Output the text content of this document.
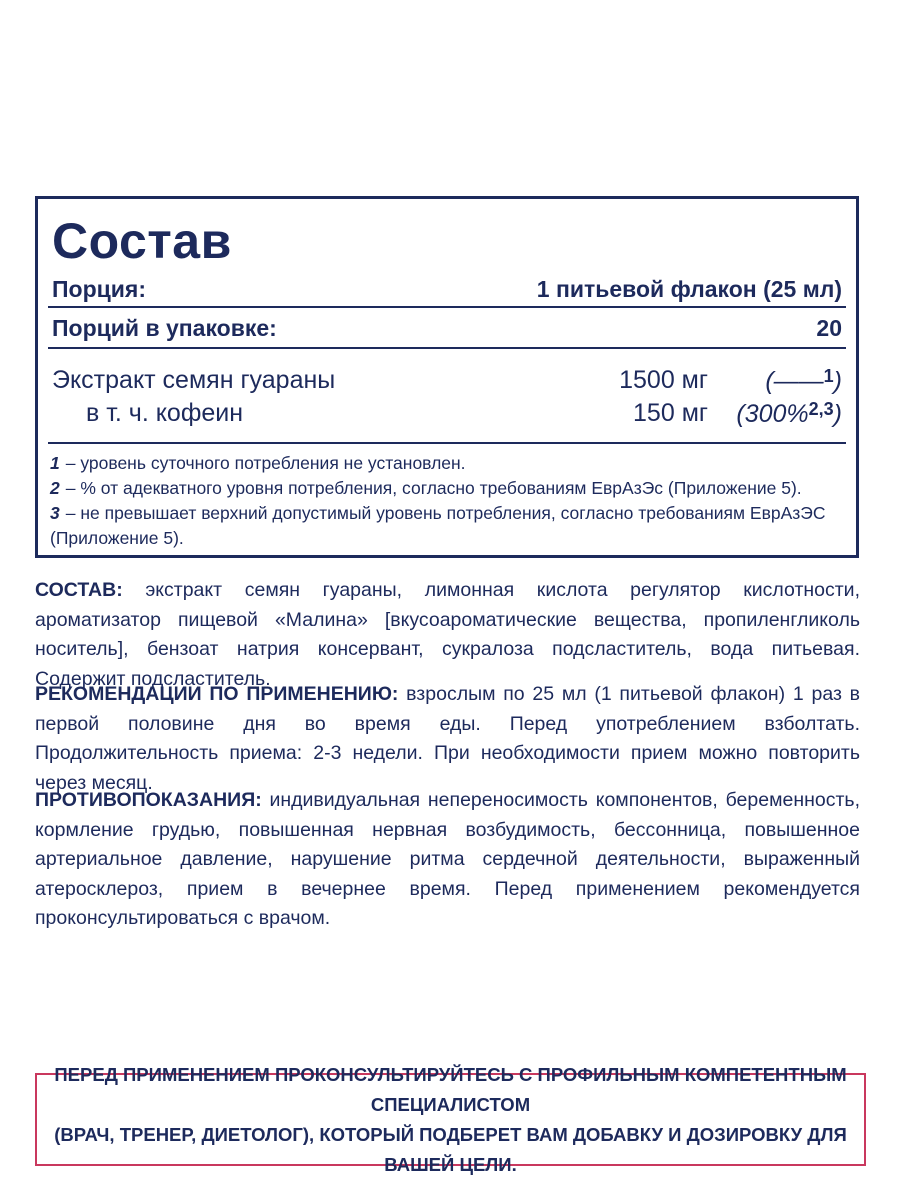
Состав
Порция:	1 питьевой флакон (25 мл)
Порций в упаковке:	20
Экстракт семян гуараны	1500 мг (——$^1$)
в т. ч. кофеин	150 мг (300%$^{2,3}$)
1 – уровень суточного потребления не установлен.
2 – % от адекватного уровня потребления, согласно требованиям ЕврАзЭс (Приложение 5).
3 – не превышает верхний допустимый уровень потребления, согласно требованиям ЕврАзЭС (Приложение 5).
СОСТАВ: экстракт семян гуараны, лимонная кислота регулятор кислотности, ароматизатор пищевой «Малина» [вкусоароматические вещества, пропиленгликоль носитель], бензоат натрия консервант, сукралоза подсластитель, вода питьевая. Содержит подсластитель.
РЕКОМЕНДАЦИИ ПО ПРИМЕНЕНИЮ: взрослым по 25 мл (1 питьевой флакон) 1 раз в первой половине дня во время еды. Перед употреблением взболтать. Продолжительность приема: 2-3 недели. При необходимости прием можно повторить через месяц.
ПРОТИВОПОКАЗАНИЯ: индивидуальная непереносимость компонентов, беременность, кормление грудью, повышенная нервная возбудимость, бессонница, повышенное артериальное давление, нарушение ритма сердечной деятельности, выраженный атеросклероз, прием в вечернее время. Перед применением рекомендуется проконсультироваться с врачом.
ПЕРЕД ПРИМЕНЕНИЕМ ПРОКОНСУЛЬТИРУЙТЕСЬ С ПРОФИЛЬНЫМ КОМПЕТЕНТНЫМ СПЕЦИАЛИСТОМ
(ВРАЧ, ТРЕНЕР, ДИЕТОЛОГ), КОТОРЫЙ ПОДБЕРЕТ ВАМ ДОБАВКУ И ДОЗИРОВКУ ДЛЯ ВАШЕЙ ЦЕЛИ.
